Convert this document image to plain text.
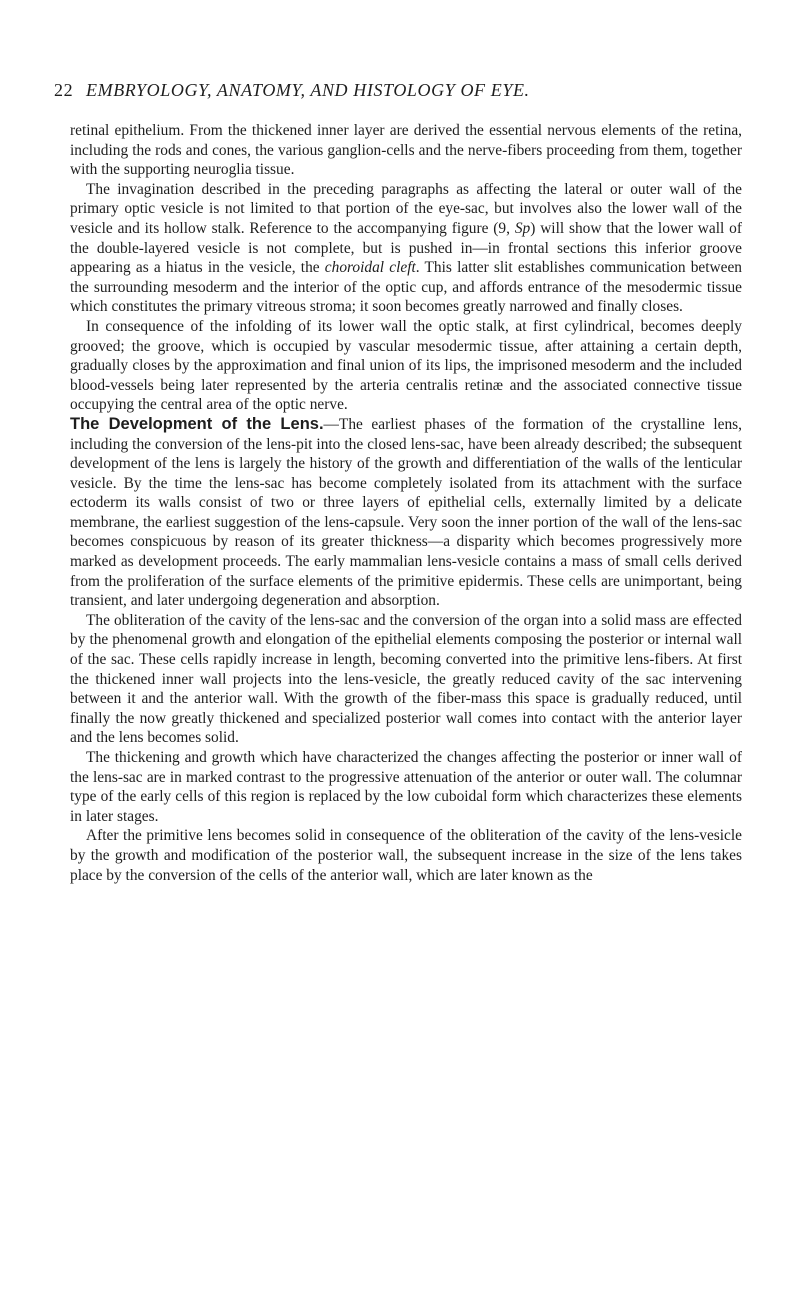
22 EMBRYOLOGY, ANATOMY, AND HISTOLOGY OF EYE.

retinal epithelium. From the thickened inner layer are derived the essential nervous elements of the retina, including the rods and cones, the various ganglion-cells and the nerve-fibers proceeding from them, together with the supporting neuroglia tissue.

The invagination described in the preceding paragraphs as affecting the lateral or outer wall of the primary optic vesicle is not limited to that portion of the eye-sac, but involves also the lower wall of the vesicle and its hollow stalk. Reference to the accompanying figure (9, Sp) will show that the lower wall of the double-layered vesicle is not complete, but is pushed in—in frontal sections this inferior groove appearing as a hiatus in the vesicle, the choroidal cleft. This latter slit establishes communication between the surrounding mesoderm and the interior of the optic cup, and affords entrance of the mesodermic tissue which constitutes the primary vitreous stroma; it soon becomes greatly narrowed and finally closes.

In consequence of the infolding of its lower wall the optic stalk, at first cylindrical, becomes deeply grooved; the groove, which is occupied by vascular mesodermic tissue, after attaining a certain depth, gradually closes by the approximation and final union of its lips, the imprisoned mesoderm and the included blood-vessels being later represented by the arteria centralis retinæ and the associated connective tissue occupying the central area of the optic nerve.

The Development of the Lens.—The earliest phases of the formation of the crystalline lens, including the conversion of the lens-pit into the closed lens-sac, have been already described; the subsequent development of the lens is largely the history of the growth and differentiation of the walls of the lenticular vesicle. By the time the lens-sac has become completely isolated from its attachment with the surface ectoderm its walls consist of two or three layers of epithelial cells, externally limited by a delicate membrane, the earliest suggestion of the lens-capsule. Very soon the inner portion of the wall of the lens-sac becomes conspicuous by reason of its greater thickness—a disparity which becomes progressively more marked as development proceeds. The early mammalian lens-vesicle contains a mass of small cells derived from the proliferation of the surface elements of the primitive epidermis. These cells are unimportant, being transient, and later undergoing degeneration and absorption.

The obliteration of the cavity of the lens-sac and the conversion of the organ into a solid mass are effected by the phenomenal growth and elongation of the epithelial elements composing the posterior or internal wall of the sac. These cells rapidly increase in length, becoming converted into the primitive lens-fibers. At first the thickened inner wall projects into the lens-vesicle, the greatly reduced cavity of the sac intervening between it and the anterior wall. With the growth of the fiber-mass this space is gradually reduced, until finally the now greatly thickened and specialized posterior wall comes into contact with the anterior layer and the lens becomes solid.

The thickening and growth which have characterized the changes affecting the posterior or inner wall of the lens-sac are in marked contrast to the progressive attenuation of the anterior or outer wall. The columnar type of the early cells of this region is replaced by the low cuboidal form which characterizes these elements in later stages.

After the primitive lens becomes solid in consequence of the obliteration of the cavity of the lens-vesicle by the growth and modification of the posterior wall, the subsequent increase in the size of the lens takes place by the conversion of the cells of the anterior wall, which are later known as the
